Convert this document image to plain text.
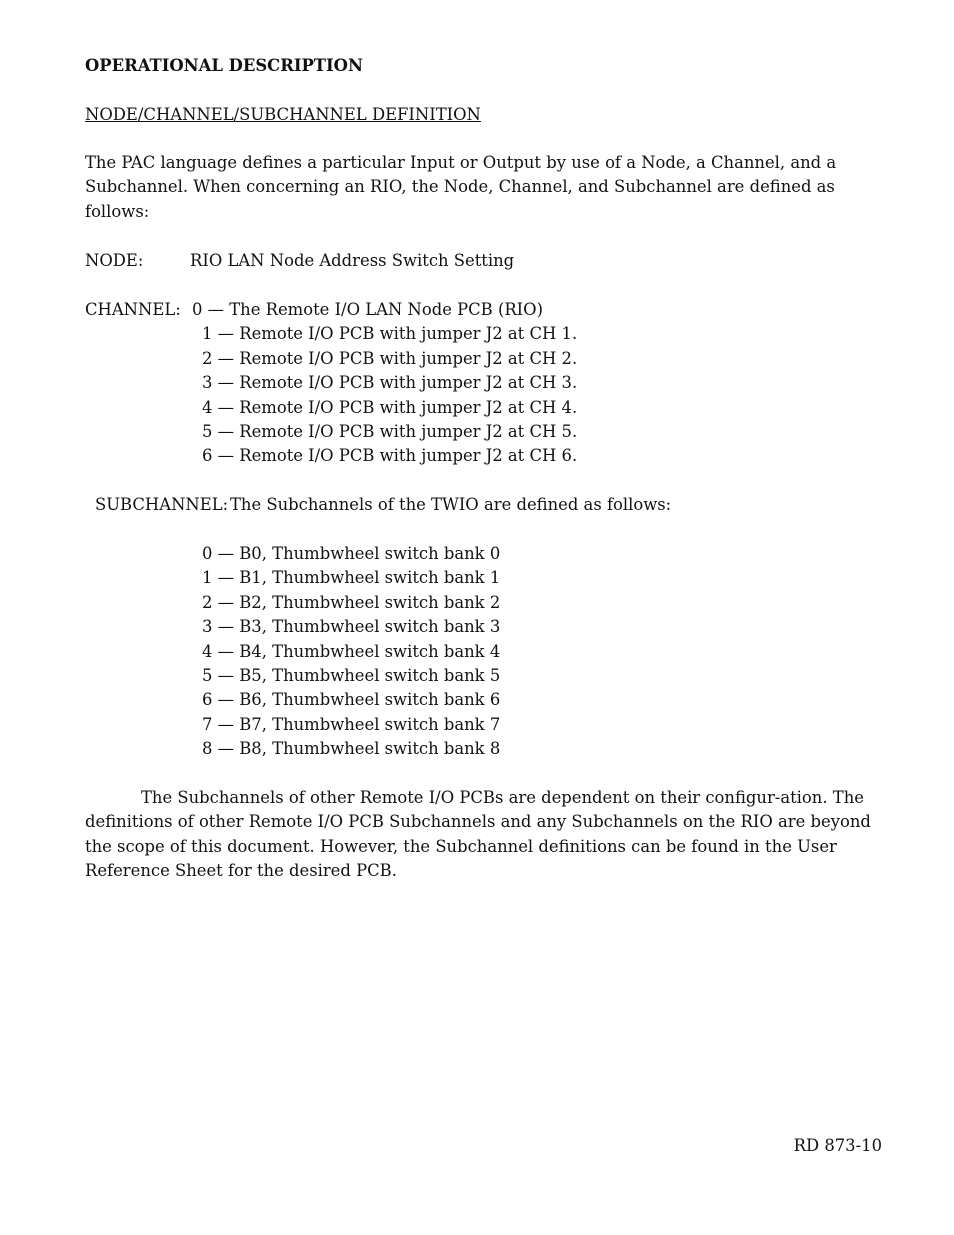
OPERATIONAL DESCRIPTION
NODE/CHANNEL/SUBCHANNEL DEFINITION
The PAC language defines a particular Input or Output by use of a Node, a Channel, and a Subchannel. When concerning an RIO, the Node, Channel, and Subchannel are defined as follows:
NODE:	RIO LAN Node Address Switch Setting
CHANNEL: 0 — The Remote I/O LAN Node PCB (RIO)
1 — Remote I/O PCB with jumper J2 at CH 1.
2 — Remote I/O PCB with jumper J2 at CH 2.
3 — Remote I/O PCB with jumper J2 at CH 3.
4 — Remote I/O PCB with jumper J2 at CH 4.
5 — Remote I/O PCB with jumper J2 at CH 5.
6 — Remote I/O PCB with jumper J2 at CH 6.
SUBCHANNEL: The Subchannels of the TWIO are defined as follows:
0 — B0, Thumbwheel switch bank 0
1 — B1, Thumbwheel switch bank 1
2 — B2, Thumbwheel switch bank 2
3 — B3, Thumbwheel switch bank 3
4 — B4, Thumbwheel switch bank 4
5 — B5, Thumbwheel switch bank 5
6 — B6, Thumbwheel switch bank 6
7 — B7, Thumbwheel switch bank 7
8 — B8, Thumbwheel switch bank 8
The Subchannels of other Remote I/O PCBs are dependent on their configur-ation. The definitions of other Remote I/O PCB Subchannels and any Subchannels on the RIO are beyond the scope of this document. However, the Subchannel definitions can be found in the User Reference Sheet for the desired PCB.
RD 873-10
